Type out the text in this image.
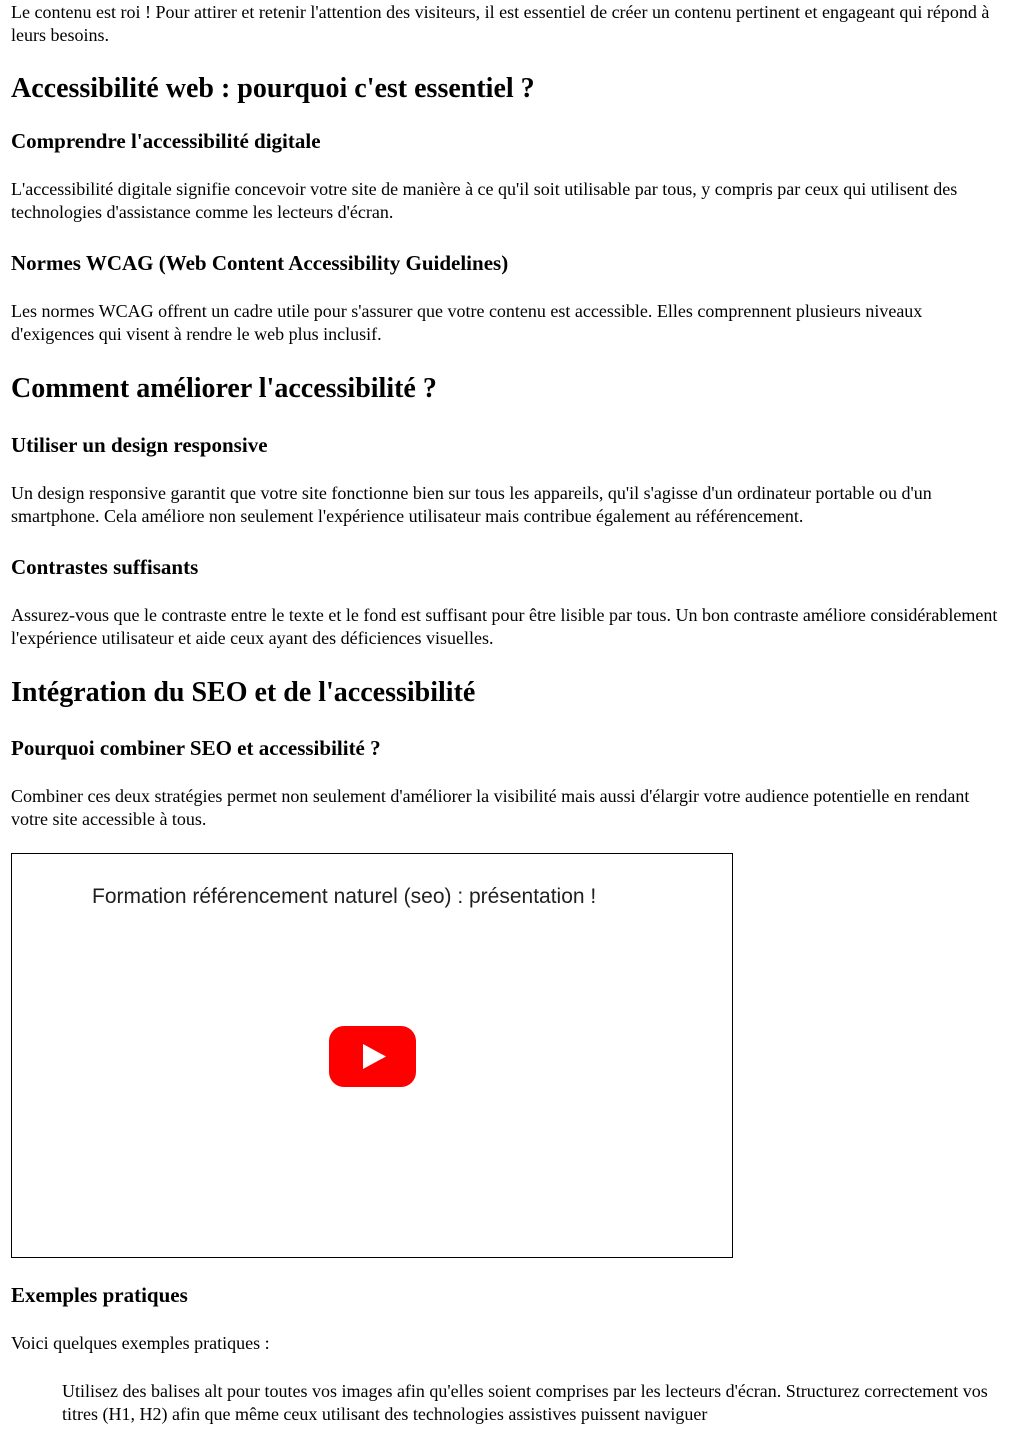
Le contenu est roi ! Pour attirer et retenir l'attention des visiteurs, il est essentiel de créer un contenu pertinent et engageant qui répond à leurs besoins.

Accessibilité web : pourquoi c'est essentiel ?
Comprendre l'accessibilité digitale

L'accessibilité digitale signifie concevoir votre site de manière à ce qu'il soit utilisable par tous, y compris par ceux qui utilisent des technologies d'assistance comme les lecteurs d'écran.

Normes WCAG (Web Content Accessibility Guidelines)

Les normes WCAG offrent un cadre utile pour s'assurer que votre contenu est accessible. Elles comprennent plusieurs niveaux d'exigences qui visent à rendre le web plus inclusif.

Comment améliorer l'accessibilité ?
Utiliser un design responsive

Un design responsive garantit que votre site fonctionne bien sur tous les appareils, qu'il s'agisse d'un ordinateur portable ou d'un smartphone. Cela améliore non seulement l'expérience utilisateur mais contribue également au référencement.

Contrastes suffisants

Assurez-vous que le contraste entre le texte et le fond est suffisant pour être lisible par tous. Un bon contraste améliore considérablement l'expérience utilisateur et aide ceux ayant des déficiences visuelles.

Intégration du SEO et de l'accessibilité
Pourquoi combiner SEO et accessibilité ?

Combiner ces deux stratégies permet non seulement d'améliorer la visibilité mais aussi d'élargir votre audience potentielle en rendant votre site accessible à tous.

Formation référencement naturel (seo) : présentation !
Exemples pratiques

Voici quelques exemples pratiques :

Utilisez des balises alt pour toutes vos images afin qu'elles soient comprises par les lecteurs d'écran. Structurez correctement vos titres (H1, H2) afin que même ceux utilisant des technologies assistives puissent naviguer
